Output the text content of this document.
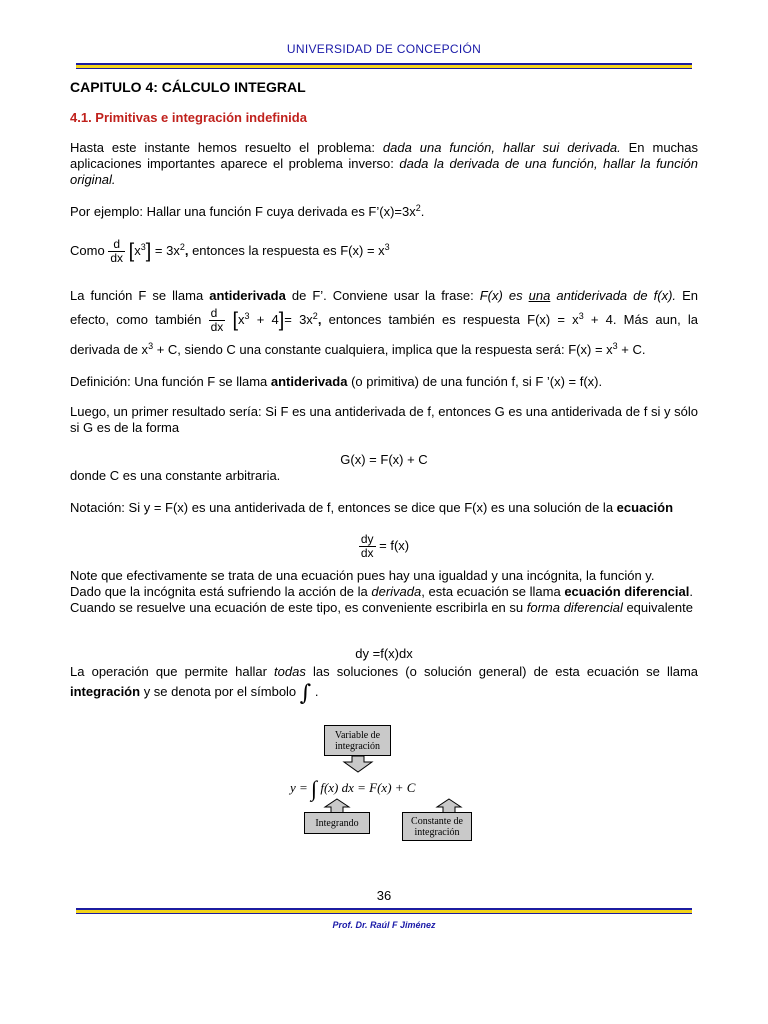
UNIVERSIDAD DE CONCEPCIÓN
CAPITULO 4: CÁLCULO INTEGRAL
4.1. Primitivas e integración indefinida
Hasta este instante hemos resuelto el problema: dada una función, hallar sui derivada. En muchas aplicaciones importantes aparece el problema inverso: dada la derivada de una función, hallar la función original.
Por ejemplo: Hallar una función F cuya derivada es $F’(x)=3x^2$.
Como $\frac{d}{dx} [x^3] = 3x^2$, entonces la respuesta es $F(x) = x^3$
La función F se llama antiderivada de F’. Conviene usar la frase: F(x) es una antiderivada de f(x). En
efecto, como también $\frac{d}{dx} [x^3 + 4]= 3x^2$, entonces también es respuesta $F(x) = x^3 + 4$. Más aun, la
derivada de $x^3 + C$, siendo C una constante cualquiera, implica que la respuesta será: $F(x) = x^3 + C$.
Definición: Una función F se llama antiderivada (o primitiva) de una función f, si F ’(x) = f(x).
Luego, un primer resultado sería: Si F es una antiderivada de f, entonces G es una antiderivada de f si y sólo si G es de la forma
G(x) = F(x) + C
donde C es una constante arbitraria.
Notación: Si y = F(x) es una antiderivada de f, entonces se dice que F(x) es una solución de la ecuación
$\frac{dy}{dx} = f(x)$
Note que efectivamente se trata de una ecuación pues hay una igualdad y una incógnita, la función y.
Dado que la incógnita está sufriendo la acción de la derivada, esta ecuación se llama ecuación diferencial.
Cuando se resuelve una ecuación de este tipo, es conveniente escribirla en su forma diferencial equivalente
dy =f(x)dx
La operación que permite hallar todas las soluciones (o solución general) de esta ecuación se llama integración y se denota por el símbolo ∫ .
Variable de integración
y = ∫ f(x) dx = F(x) + C
Integrando	Constante de integración
36
Prof. Dr. Raúl F Jiménez
